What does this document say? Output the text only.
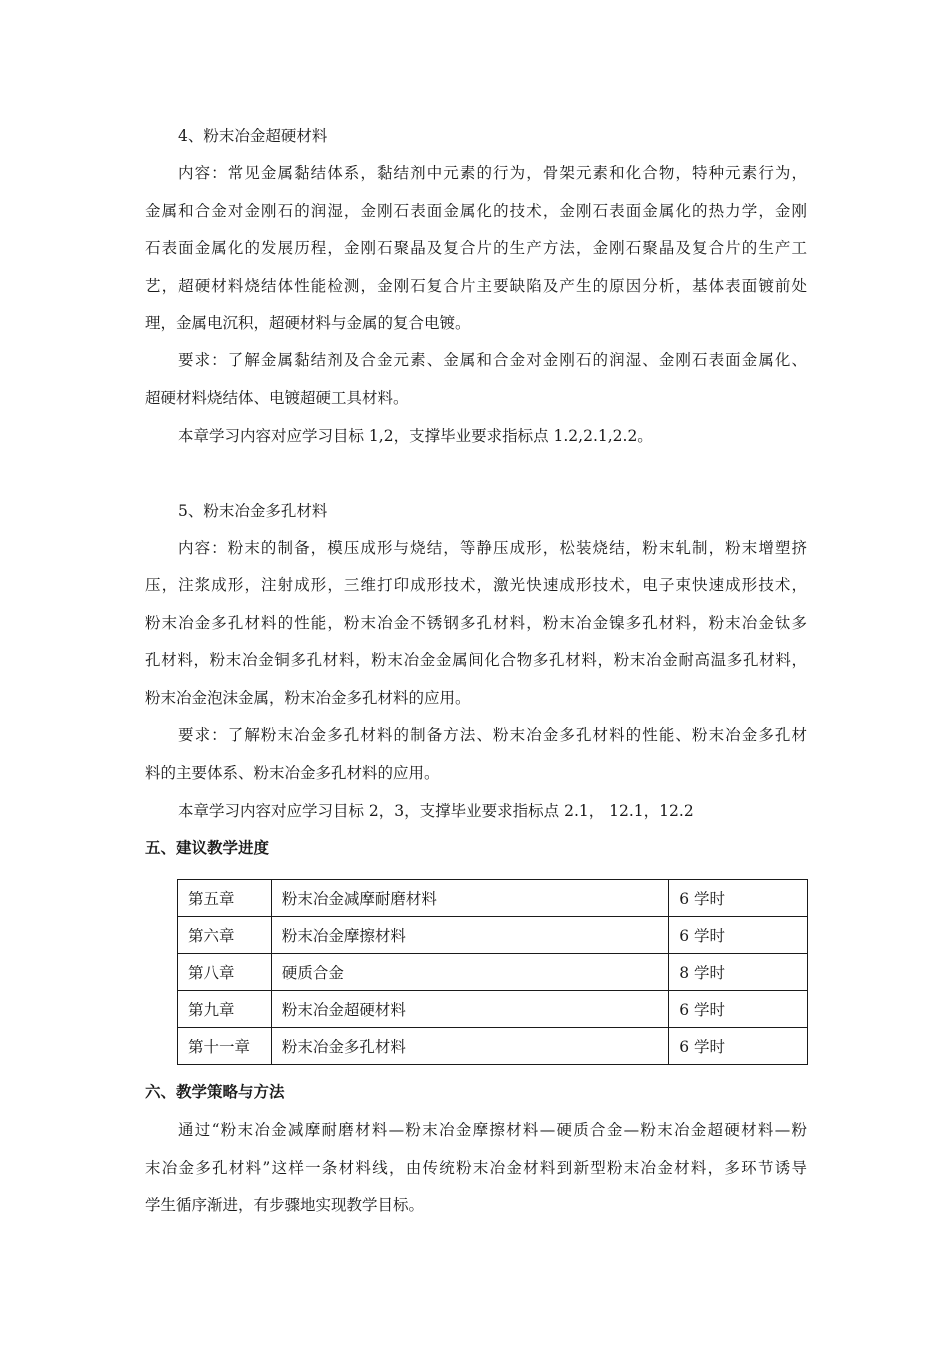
4、粉末冶金超硬材料
内容：常见金属黏结体系，黏结剂中元素的行为，骨架元素和化合物，特种元素行为，
金属和合金对金刚石的润湿，金刚石表面金属化的技术，金刚石表面金属化的热力学，金刚
石表面金属化的发展历程，金刚石聚晶及复合片的生产方法，金刚石聚晶及复合片的生产工
艺，超硬材料烧结体性能检测，金刚石复合片主要缺陷及产生的原因分析，基体表面镀前处
理，金属电沉积，超硬材料与金属的复合电镀。
要求：了解金属黏结剂及合金元素、金属和合金对金刚石的润湿、金刚石表面金属化、
超硬材料烧结体、电镀超硬工具材料。
本章学习内容对应学习目标 1,2，支撑毕业要求指标点 1.2,2.1,2.2。
5、粉末冶金多孔材料
内容：粉末的制备，模压成形与烧结，等静压成形，松装烧结，粉末轧制，粉末增塑挤
压，注浆成形，注射成形，三维打印成形技术，激光快速成形技术，电子束快速成形技术，
粉末冶金多孔材料的性能，粉末冶金不锈钢多孔材料，粉末冶金镍多孔材料，粉末冶金钛多
孔材料，粉末冶金铜多孔材料，粉末冶金金属间化合物多孔材料，粉末冶金耐高温多孔材料，
粉末冶金泡沫金属，粉末冶金多孔材料的应用。
要求：了解粉末冶金多孔材料的制备方法、粉末冶金多孔材料的性能、粉末冶金多孔材
料的主要体系、粉末冶金多孔材料的应用。
本章学习内容对应学习目标 2，3，支撑毕业要求指标点 2.1， 12.1，12.2
五、建议教学进度
第五章	粉末冶金减摩耐磨材料	6 学时
第六章	粉末冶金摩擦材料	6 学时
第八章	硬质合金	8 学时
第九章	粉末冶金超硬材料	6 学时
第十一章	粉末冶金多孔材料	6 学时
六、教学策略与方法
通过“粉末冶金减摩耐磨材料—粉末冶金摩擦材料—硬质合金—粉末冶金超硬材料—粉
末冶金多孔材料”这样一条材料线，由传统粉末冶金材料到新型粉末冶金材料，多环节诱导
学生循序渐进，有步骤地实现教学目标。
